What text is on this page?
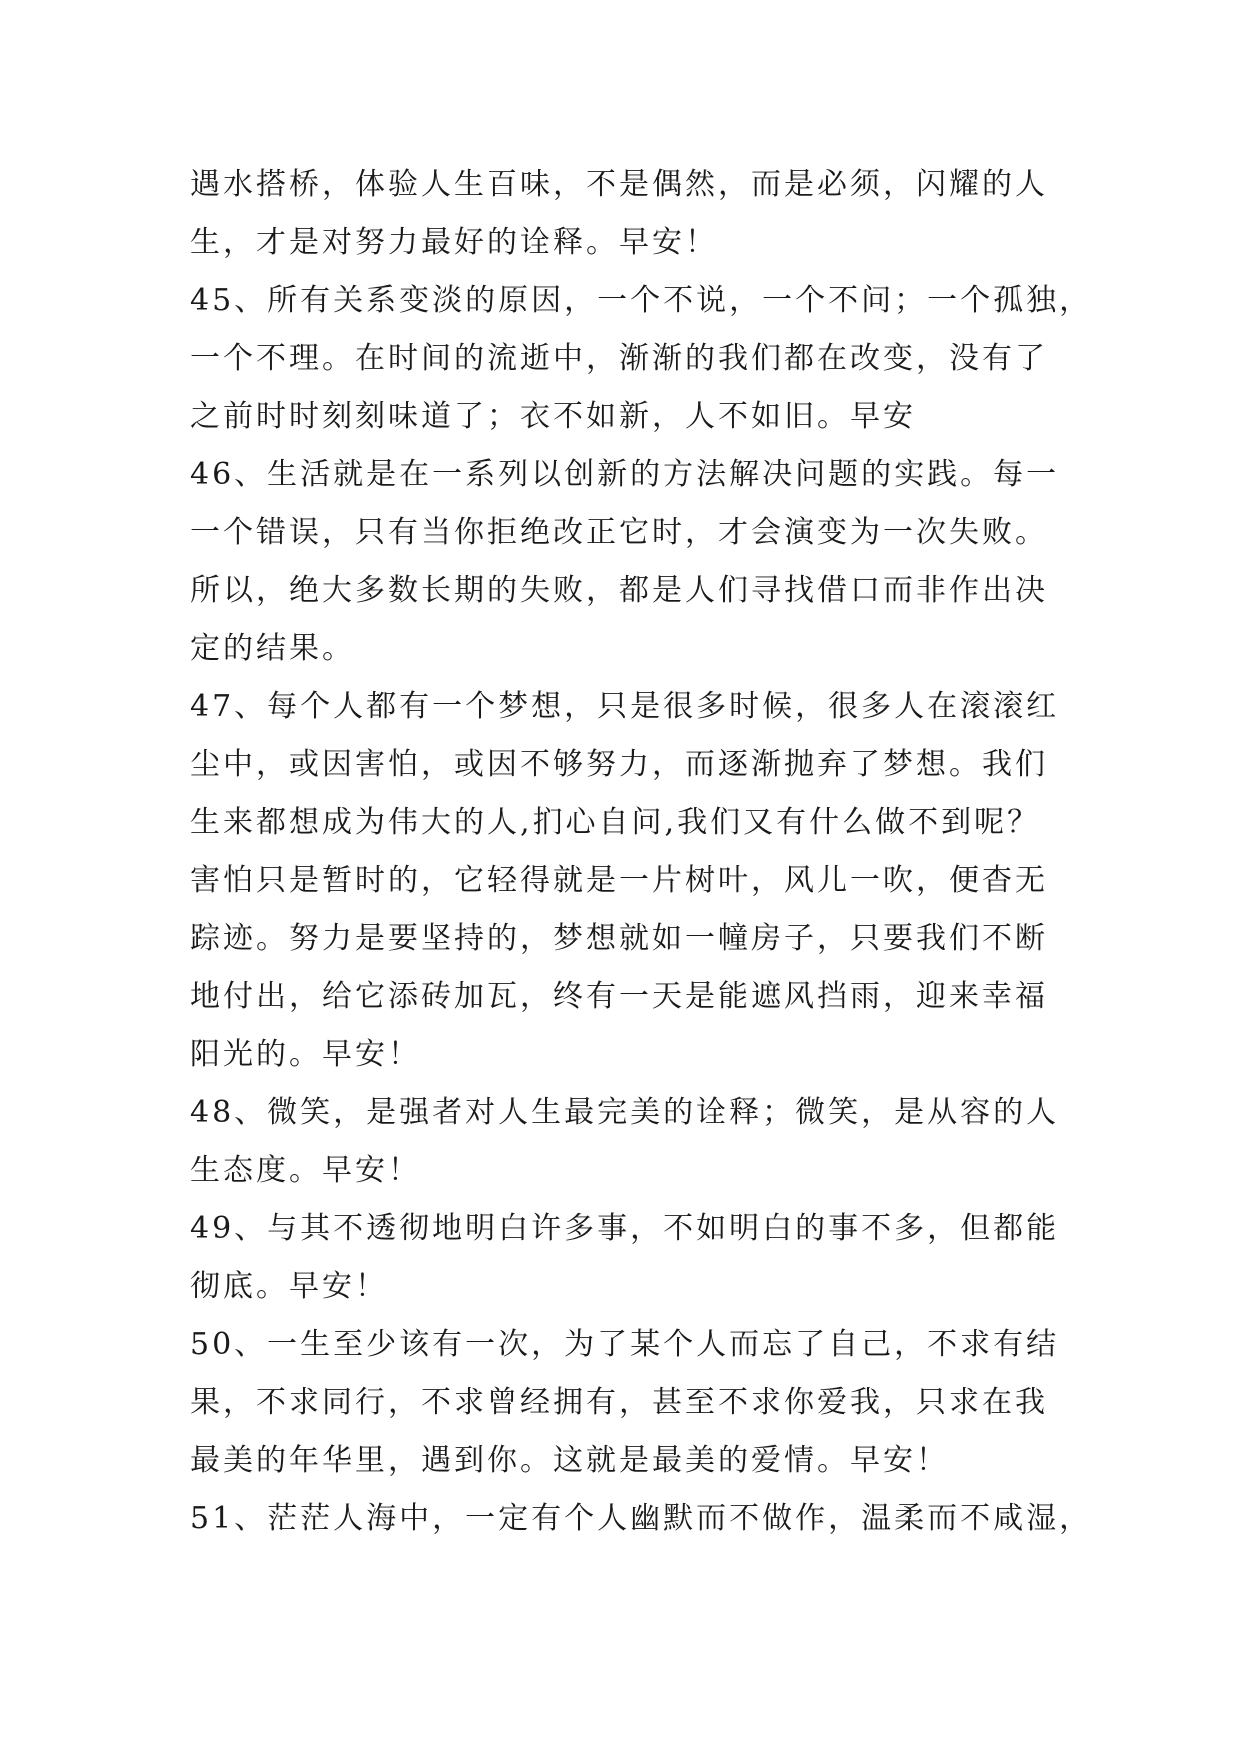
遇水搭桥，体验人生百味，不是偶然，而是必须，闪耀的人
生，才是对努力最好的诠释。早安！
45、所有关系变淡的原因，一个不说，一个不问；一个孤独，
一个不理。在时间的流逝中，渐渐的我们都在改变，没有了
之前时时刻刻味道了；衣不如新，人不如旧。早安
46、生活就是在一系列以创新的方法解决问题的实践。每一
一个错误，只有当你拒绝改正它时，才会演变为一次失败。
所以，绝大多数长期的失败，都是人们寻找借口而非作出决
定的结果。
47、每个人都有一个梦想，只是很多时候，很多人在滚滚红
尘中，或因害怕，或因不够努力，而逐渐抛弃了梦想。我们
生来都想成为伟大的人,扪心自问,我们又有什么做不到呢？
害怕只是暂时的，它轻得就是一片树叶，风儿一吹，便杳无
踪迹。努力是要坚持的，梦想就如一幢房子，只要我们不断
地付出，给它添砖加瓦，终有一天是能遮风挡雨，迎来幸福
阳光的。早安！
48、微笑，是强者对人生最完美的诠释；微笑，是从容的人
生态度。早安！
49、与其不透彻地明白许多事，不如明白的事不多，但都能
彻底。早安！
50、一生至少该有一次，为了某个人而忘了自己，不求有结
果，不求同行，不求曾经拥有，甚至不求你爱我，只求在我
最美的年华里，遇到你。这就是最美的爱情。早安！
51、茫茫人海中，一定有个人幽默而不做作，温柔而不咸湿，
